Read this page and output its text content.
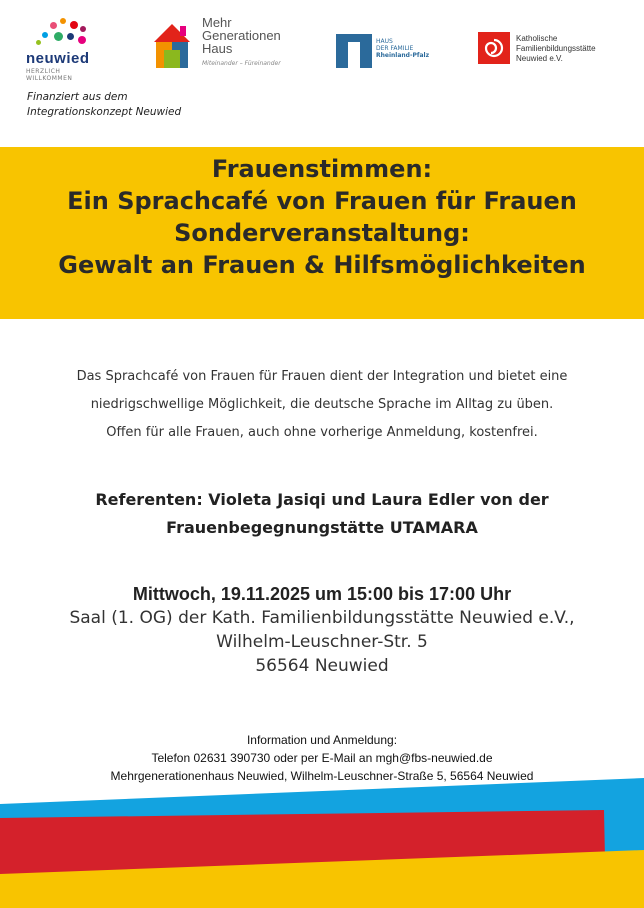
neuwied
HERZLICH WILLKOMMEN
Mehr
Generationen
Haus
Miteinander – Füreinander
HAUS
DER FAMILIE
Rheinland-Pfalz
Katholische
Familienbildungsstätte
Neuwied e.V.
Finanziert aus dem
Integrationskonzept Neuwied
Frauenstimmen:
Ein Sprachcafé von Frauen für Frauen
Sonderveranstaltung:
Gewalt an Frauen & Hilfsmöglichkeiten
Das Sprachcafé von Frauen für Frauen dient der Integration und bietet eine
niedrigschwellige Möglichkeit, die deutsche Sprache im Alltag zu üben.
Offen für alle Frauen, auch ohne vorherige Anmeldung, kostenfrei.
Referenten: Violeta Jasiqi und Laura Edler von der
Frauenbegegnungstätte UTAMARA
Mittwoch, 19.11.2025 um 15:00 bis 17:00 Uhr
Saal (1. OG) der Kath. Familienbildungsstätte Neuwied e.V.,
Wilhelm-Leuschner-Str. 5
56564 Neuwied
Information und Anmeldung:
Telefon 02631 390730 oder per E-Mail an mgh@fbs-neuwied.de
Mehrgenerationenhaus Neuwied, Wilhelm-Leuschner-Straße 5, 56564 Neuwied
